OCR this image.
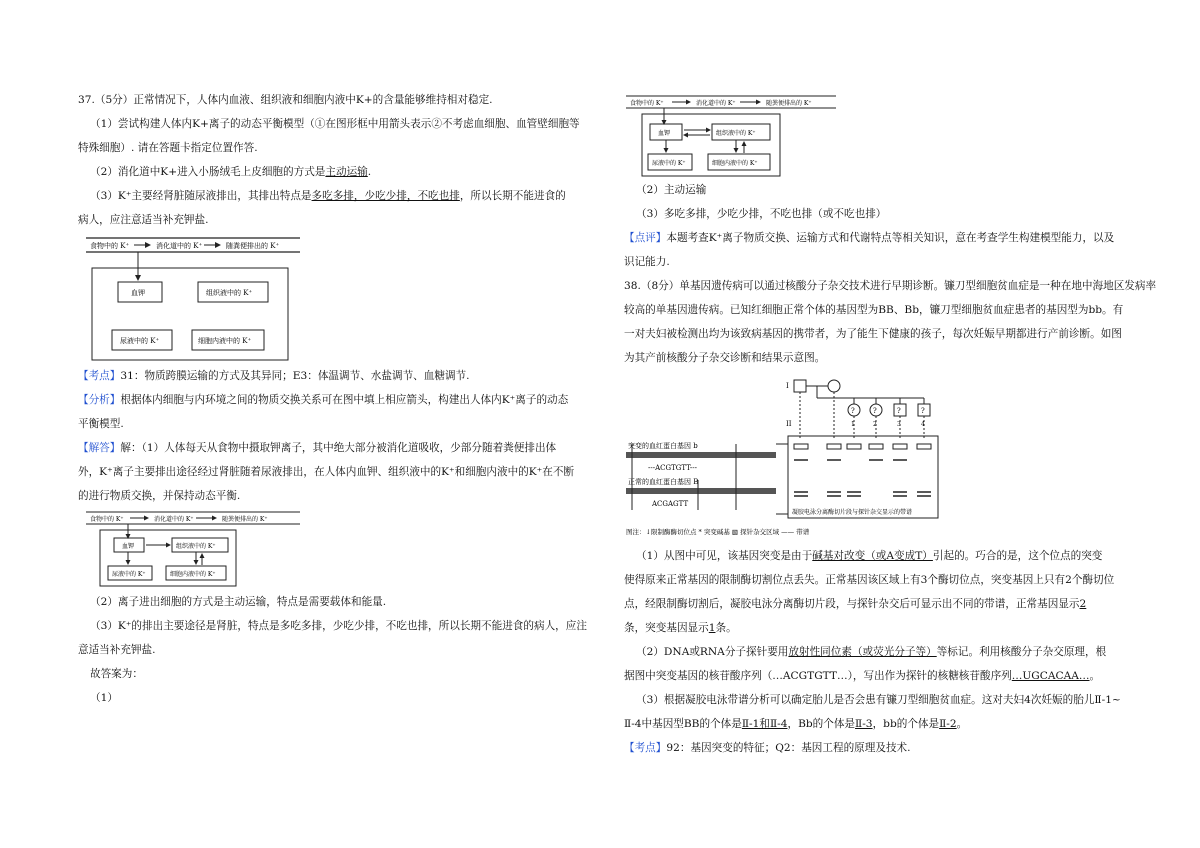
37.（5分）正常情况下，人体内血液、组织液和细胞内液中K+的含量能够维持相对稳定.

（1）尝试构建人体内K+离子的动态平衡模型（①在图形框中用箭头表示②不考虑血细胞、血管壁细胞等

特殊细胞）. 请在答题卡指定位置作答.

（2）消化道中K+进入小肠绒毛上皮细胞的方式是主动运输.

（3）K⁺主要经肾脏随尿液排出，其排出特点是多吃多排，少吃少排，不吃也排，所以长期不能进食的

病人，应注意适当补充钾盐.

食物中的 K⁺	消化道中的 K⁺	随粪便排出的 K⁺
血钾	组织液中的 K⁺
尿液中的 K⁺	细胞内液中的 K⁺

【考点】31：物质跨膜运输的方式及其异同；E3：体温调节、水盐调节、血糖调节.

【分析】根据体内细胞与内环境之间的物质交换关系可在图中填上相应箭头，构建出人体内K⁺离子的动态

平衡模型.

【解答】解：（1）人体每天从食物中摄取钾离子，其中绝大部分被消化道吸收，少部分随着粪便排出体

外，K⁺离子主要排出途径经过肾脏随着尿液排出，在人体内血钾、组织液中的K⁺和细胞内液中的K⁺在不断

的进行物质交换，并保持动态平衡.

食物中的 K⁺	消化道中的 K⁺	随粪便排出的 K⁺
血钾	组织液中的 K⁺
尿液中的 K⁺	细胞内液中的 K⁺

（2）离子进出细胞的方式是主动运输，特点是需要载体和能量.

（3）K⁺的排出主要途径是肾脏，特点是多吃多排，少吃少排，不吃也排，所以长期不能进食的病人，应注

意适当补充钾盐.

故答案为：

（1）

食物中的 K⁺	消化道中的 K⁺	随粪便排出的 K⁺
血钾	组织液中的 K⁺
尿液中的 K⁺	细胞内液中的 K⁺

（2）主动运输

（3）多吃多排，少吃少排，不吃也排（或不吃也排）

【点评】本题考查K⁺离子物质交换、运输方式和代谢特点等相关知识，意在考查学生构建模型能力，以及

识记能力.

38.（8分）单基因遗传病可以通过核酸分子杂交技术进行早期诊断。镰刀型细胞贫血症是一种在地中海地区发病率

较高的单基因遗传病。已知红细胞正常个体的基因型为BB、Bb，镰刀型细胞贫血症患者的基因型为bb。有

一对夫妇被检测出均为该致病基因的携带者，为了能生下健康的孩子，每次妊娠早期都进行产前诊断。如图

为其产前核酸分子杂交诊断和结果示意图。

I
II
?
1
?
2
?
3
?
4
突变的血红蛋白基因 b
---ACGTGTT---
正常的血红蛋白基因 B
ACGAGTT
凝胶电泳分离酶切片段与探针杂交显示的带谱
图注：↓限制酶酶切位点 * 突变碱基 ▧ 探针杂交区域 —— 带谱

（1）从图中可见，该基因突变是由于碱基对改变（或A变成T）引起的。巧合的是，这个位点的突变

使得原来正常基因的限制酶切割位点丢失。正常基因该区域上有3个酶切位点，突变基因上只有2个酶切位

点，经限制酶切割后，凝胶电泳分离酶切片段，与探针杂交后可显示出不同的带谱，正常基因显示2

条，突变基因显示1条。

（2）DNA或RNA分子探针要用放射性同位素（或荧光分子等）等标记。利用核酸分子杂交原理，根

据图中突变基因的核苷酸序列（…ACGTGTT…），写出作为探针的核糖核苷酸序列…UGCACAA…。

（3）根据凝胶电泳带谱分析可以确定胎儿是否会患有镰刀型细胞贫血症。这对夫妇4次妊娠的胎儿Ⅱ-1~

Ⅱ-4中基因型BB的个体是Ⅱ-1和Ⅱ-4，Bb的个体是Ⅱ-3，bb的个体是Ⅱ-2。

【考点】92：基因突变的特征；Q2：基因工程的原理及技术.
